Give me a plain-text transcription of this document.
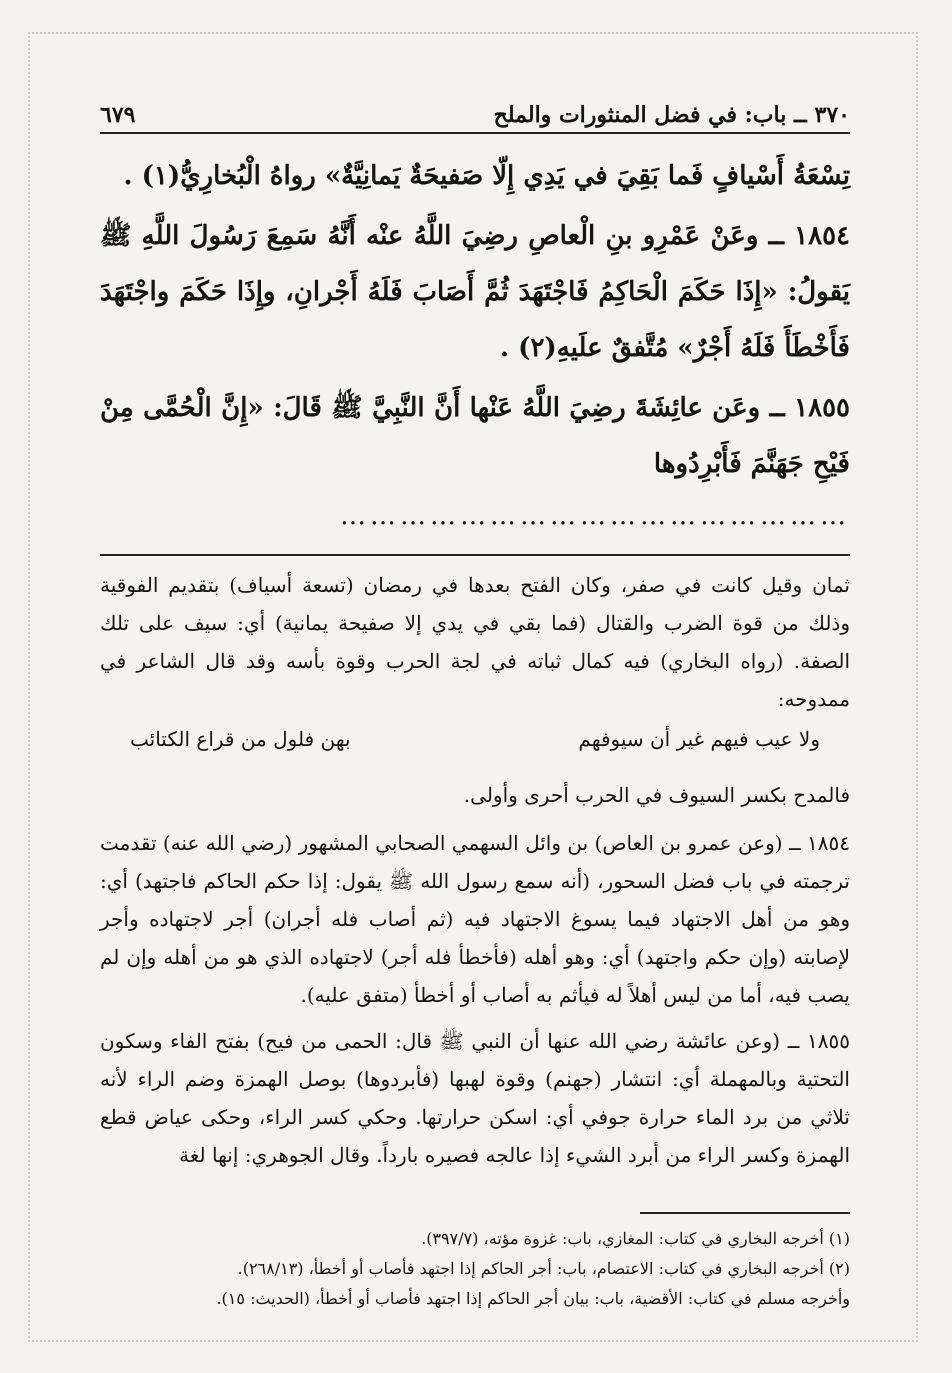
٣٧٠ ــ باب: في فضل المنثورات والملح
٦٧٩

تِسْعَةُ أَسْيافٍ فَما بَقِيَ في يَدِي إِلّا صَفيحَةٌ يَمانِيَّةٌ» رواهُ الْبُخارِيُّ(١) .

١٨٥٤ ــ وعَنْ عَمْرِو بنِ الْعاصِ رضِيَ اللَّهُ عنْه أَنَّهُ سَمِعَ رَسُولَ اللَّهِ ﷺ يَقولُ: «إِذَا حَكَمَ الْحَاكِمُ فَاجْتَهَدَ ثُمَّ أَصَابَ فَلَهُ أَجْرانِ، وإِذَا حَكَمَ واجْتَهَدَ فَأَخْطَأَ فَلَهُ أَجْرٌ» مُتَّفقٌ علَيهِ(٢) .

١٨٥٥ ــ وعَن عائِشَةَ رضِيَ اللَّهُ عَنْها أَنَّ النَّبِيَّ ﷺ قَالَ: «إِنَّ الْحُمَّى مِنْ فَيْحِ جَهَنَّمَ فَأَبْرِدُوها

……………………………………………

ثمان وقيل كانت في صفر، وكان الفتح بعدها في رمضان (تسعة أسياف) بتقديم الفوقية وذلك من قوة الضرب والقتال (فما بقي في يدي إلا صفيحة يمانية) أي: سيف على تلك الصفة. (رواه البخاري) فيه كمال ثباته في لجة الحرب وقوة بأسه وقد قال الشاعر في ممدوحه:

ولا عيب فيهم غير أن سيوفهم
بهن فلول من قراع الكتائب

فالمدح بكسر السيوف في الحرب أحرى وأولى.

١٨٥٤ ــ (وعن عمرو بن العاص) بن وائل السهمي الصحابي المشهور (رضي الله عنه) تقدمت ترجمته في باب فضل السحور، (أنه سمع رسول الله ﷺ يقول: إذا حكم الحاكم فاجتهد) أي: وهو من أهل الاجتهاد فيما يسوغ الاجتهاد فيه (ثم أصاب فله أجران) أجر لاجتهاده وأجر لإصابته (وإن حكم واجتهد) أي: وهو أهله (فأخطأ فله أجر) لاجتهاده الذي هو من أهله وإن لم يصب فيه، أما من ليس أهلاً له فيأثم به أصاب أو أخطأ (متفق عليه).

١٨٥٥ ــ (وعن عائشة رضي الله عنها أن النبي ﷺ قال: الحمى من فيح) بفتح الفاء وسكون التحتية وبالمهملة أي: انتشار (جهنم) وقوة لهبها (فأبردوها) بوصل الهمزة وضم الراء لأنه ثلاثي من برد الماء حرارة جوفي أي: اسكن حرارتها. وحكي كسر الراء، وحكى عياض قطع الهمزة وكسر الراء من أبرد الشيء إذا عالجه فصيره بارداً. وقال الجوهري: إنها لغة

(١) أخرجه البخاري في كتاب: المغازي، باب: غزوة مؤته، (٣٩٧/٧).

(٢) أخرجه البخاري في كتاب: الاعتصام، باب: أجر الحاكم إذا اجتهد فأصاب أو أخطأ، (٢٦٨/١٣).

وأخرجه مسلم في كتاب: الأقضية، باب: بيان أجر الحاكم إذا اجتهد فأصاب أو أخطأ، (الحديث: ١٥).
